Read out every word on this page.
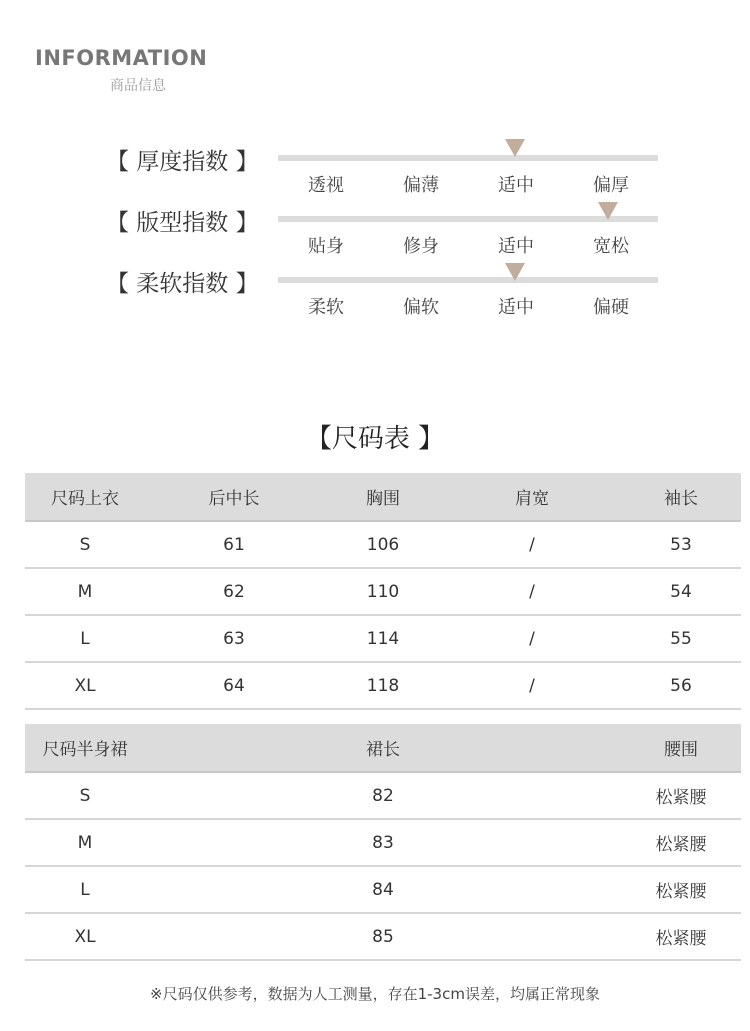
INFORMATION
商品信息
【 厚度指数 】
透视	偏薄	适中	偏厚
【 版型指数 】
贴身	修身	适中	宽松
【 柔软指数 】
柔软	偏软	适中	偏硬
【尺码表 】
尺码上衣	后中长	胸围	肩宽	袖长
S	61	106	/	53
M	62	110	/	54
L	63	114	/	55
XL	64	118	/	56
尺码半身裙	裙长	腰围
S	82	松紧腰
M	83	松紧腰
L	84	松紧腰
XL	85	松紧腰
※尺码仅供参考，数据为人工测量，存在1-3cm误差，均属正常现象
